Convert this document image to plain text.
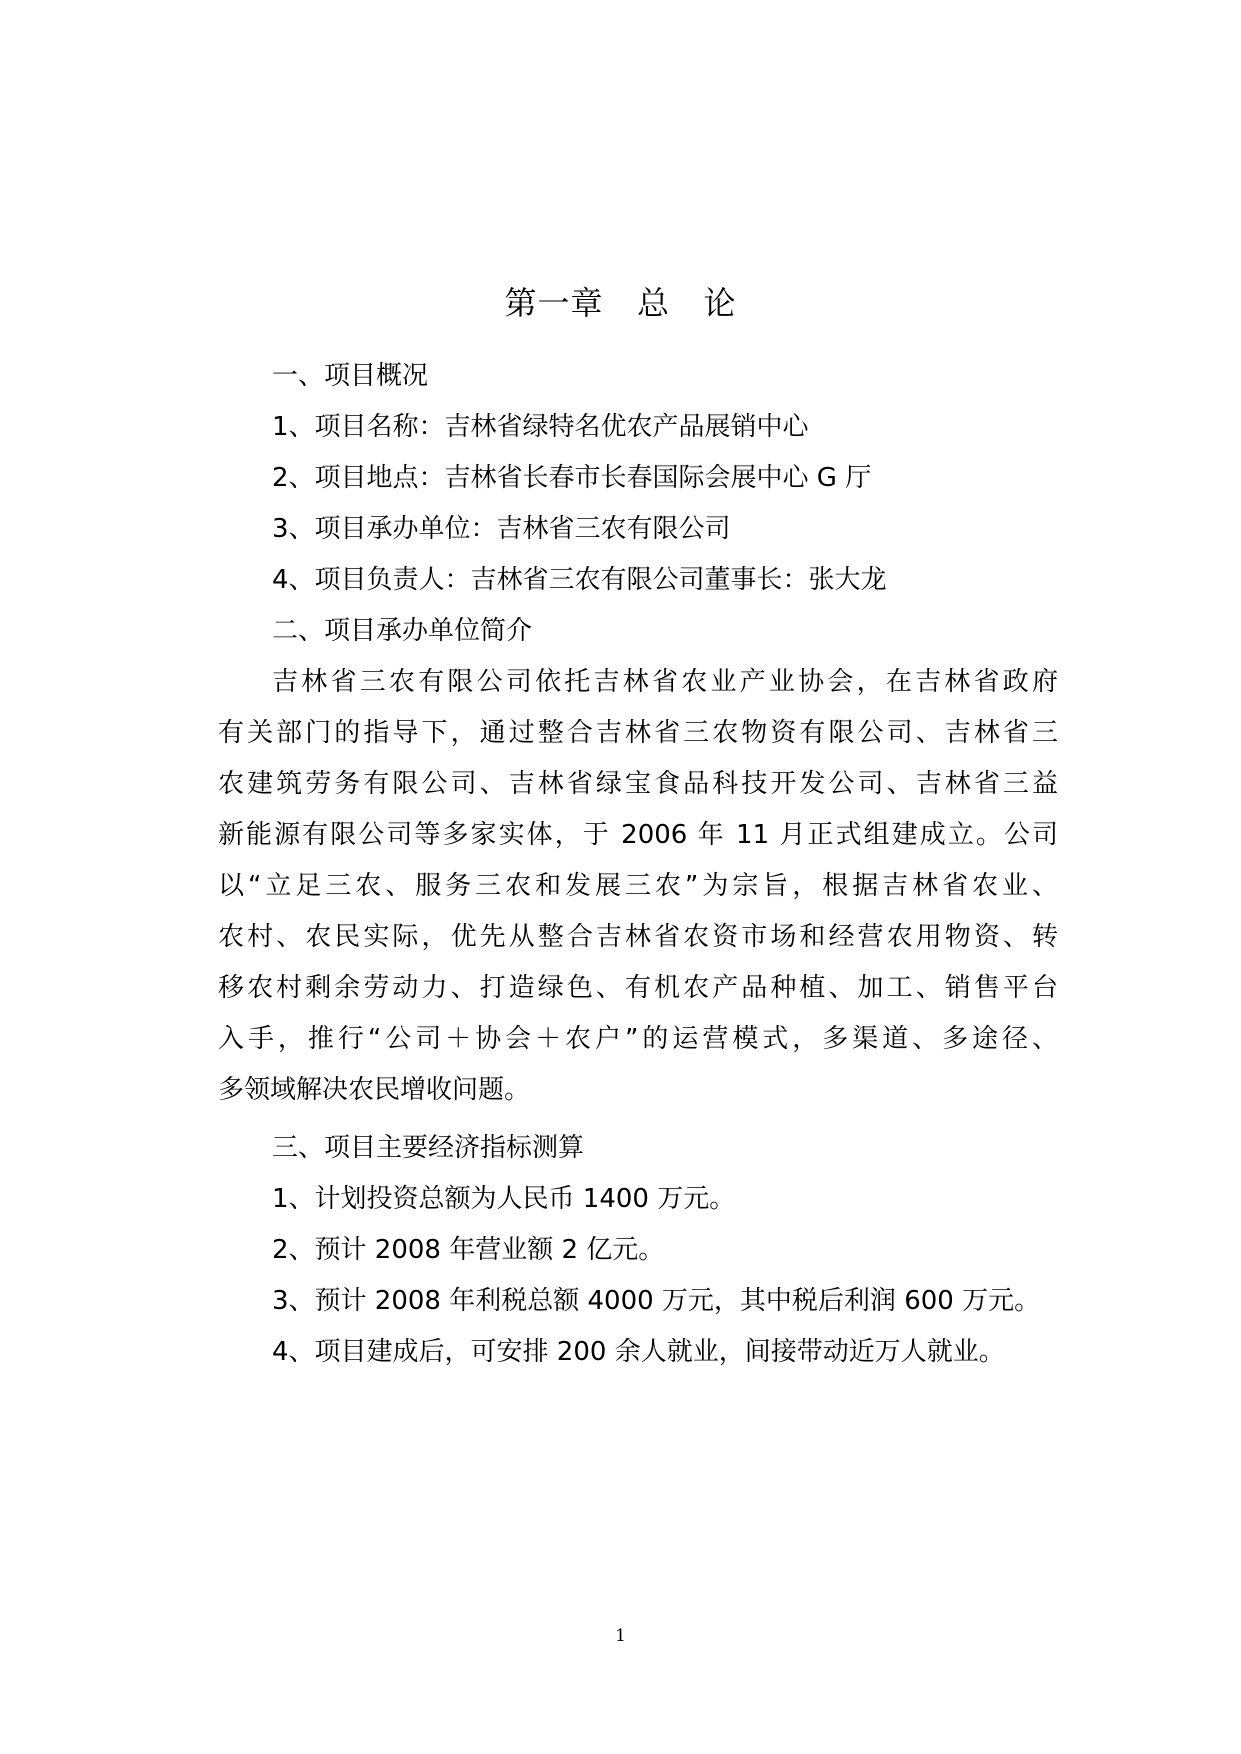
第一章   总   论
一、项目概况
1、项目名称：吉林省绿特名优农产品展销中心
2、项目地点：吉林省长春市长春国际会展中心 G 厅
3、项目承办单位：吉林省三农有限公司
4、项目负责人：吉林省三农有限公司董事长：张大龙
二、项目承办单位简介
吉林省三农有限公司依托吉林省农业产业协会，在吉林省政府
有关部门的指导下，通过整合吉林省三农物资有限公司、吉林省三
农建筑劳务有限公司、吉林省绿宝食品科技开发公司、吉林省三益
新能源有限公司等多家实体，于 2006 年 11 月正式组建成立。公司
以“立足三农、服务三农和发展三农”为宗旨，根据吉林省农业、
农村、农民实际，优先从整合吉林省农资市场和经营农用物资、转
移农村剩余劳动力、打造绿色、有机农产品种植、加工、销售平台
入手，推行“公司＋协会＋农户”的运营模式，多渠道、多途径、
多领域解决农民增收问题。
三、项目主要经济指标测算
1、计划投资总额为人民币 1400 万元。
2、预计 2008 年营业额 2 亿元。
3、预计 2008 年利税总额 4000 万元，其中税后利润 600 万元。
4、项目建成后，可安排 200 余人就业，间接带动近万人就业。
1
